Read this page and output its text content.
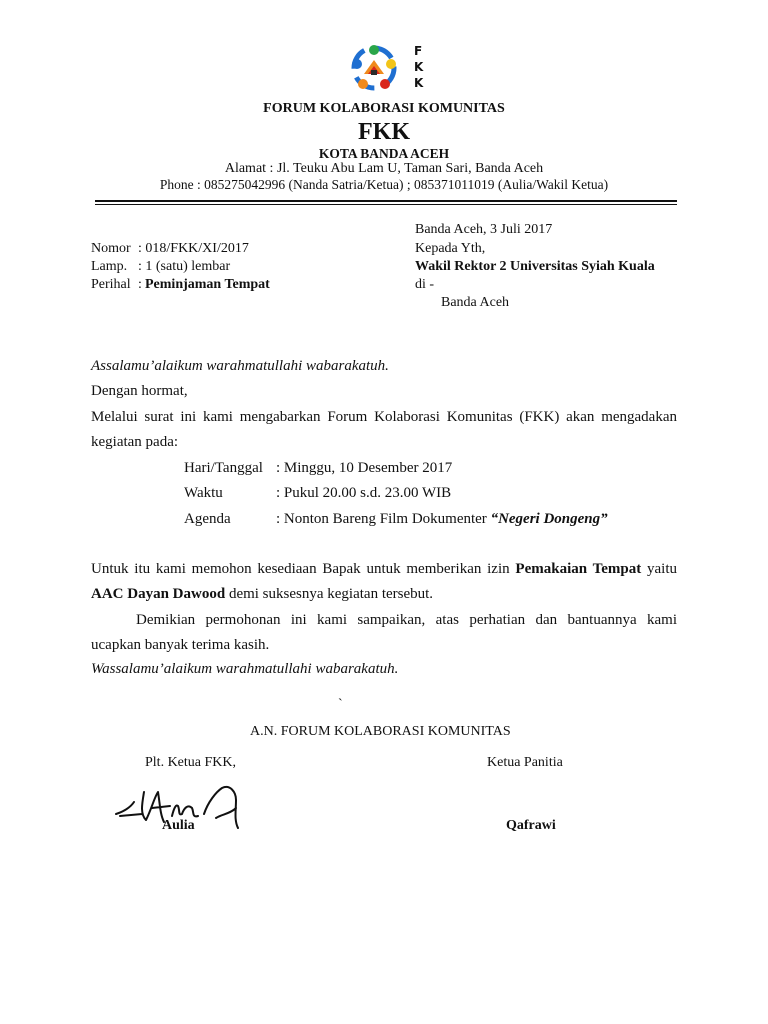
F
K
K
FORUM KOLABORASI KOMUNITAS
FKK
KOTA BANDA ACEH
Alamat : Jl. Teuku Abu Lam U, Taman Sari, Banda Aceh
Phone : 085275042996 (Nanda Satria/Ketua) ; 085371011019 (Aulia/Wakil Ketua)
Banda Aceh, 3 Juli 2017
Nomor : 018/FKK/XI/2017
Lamp. : 1 (satu) lembar
Perihal : Peminjaman Tempat
Kepada Yth,
Wakil Rektor 2 Universitas Syiah Kuala
di -
Banda Aceh
Assalamu’alaikum warahmatullahi wabarakatuh.
Dengan hormat,
Melalui surat ini kami mengabarkan Forum Kolaborasi Komunitas (FKK) akan mengadakan
kegiatan pada:
Hari/Tanggal : Minggu, 10 Desember 2017
Waktu	: Pukul 20.00 s.d. 23.00 WIB
Agenda	: Nonton Bareng Film Dokumenter “Negeri Dongeng”
Untuk itu kami memohon kesediaan Bapak untuk memberikan izin Pemakaian Tempat yaitu
AAC Dayan Dawood demi suksesnya kegiatan tersebut.
Demikian permohonan ini kami sampaikan, atas perhatian dan bantuannya kami
ucapkan banyak terima kasih.
Wassalamu’alaikum warahmatullahi wabarakatuh.
`
A.N. FORUM KOLABORASI KOMUNITAS
Plt. Ketua FKK,	Ketua Panitia
Aulia	Qafrawi
